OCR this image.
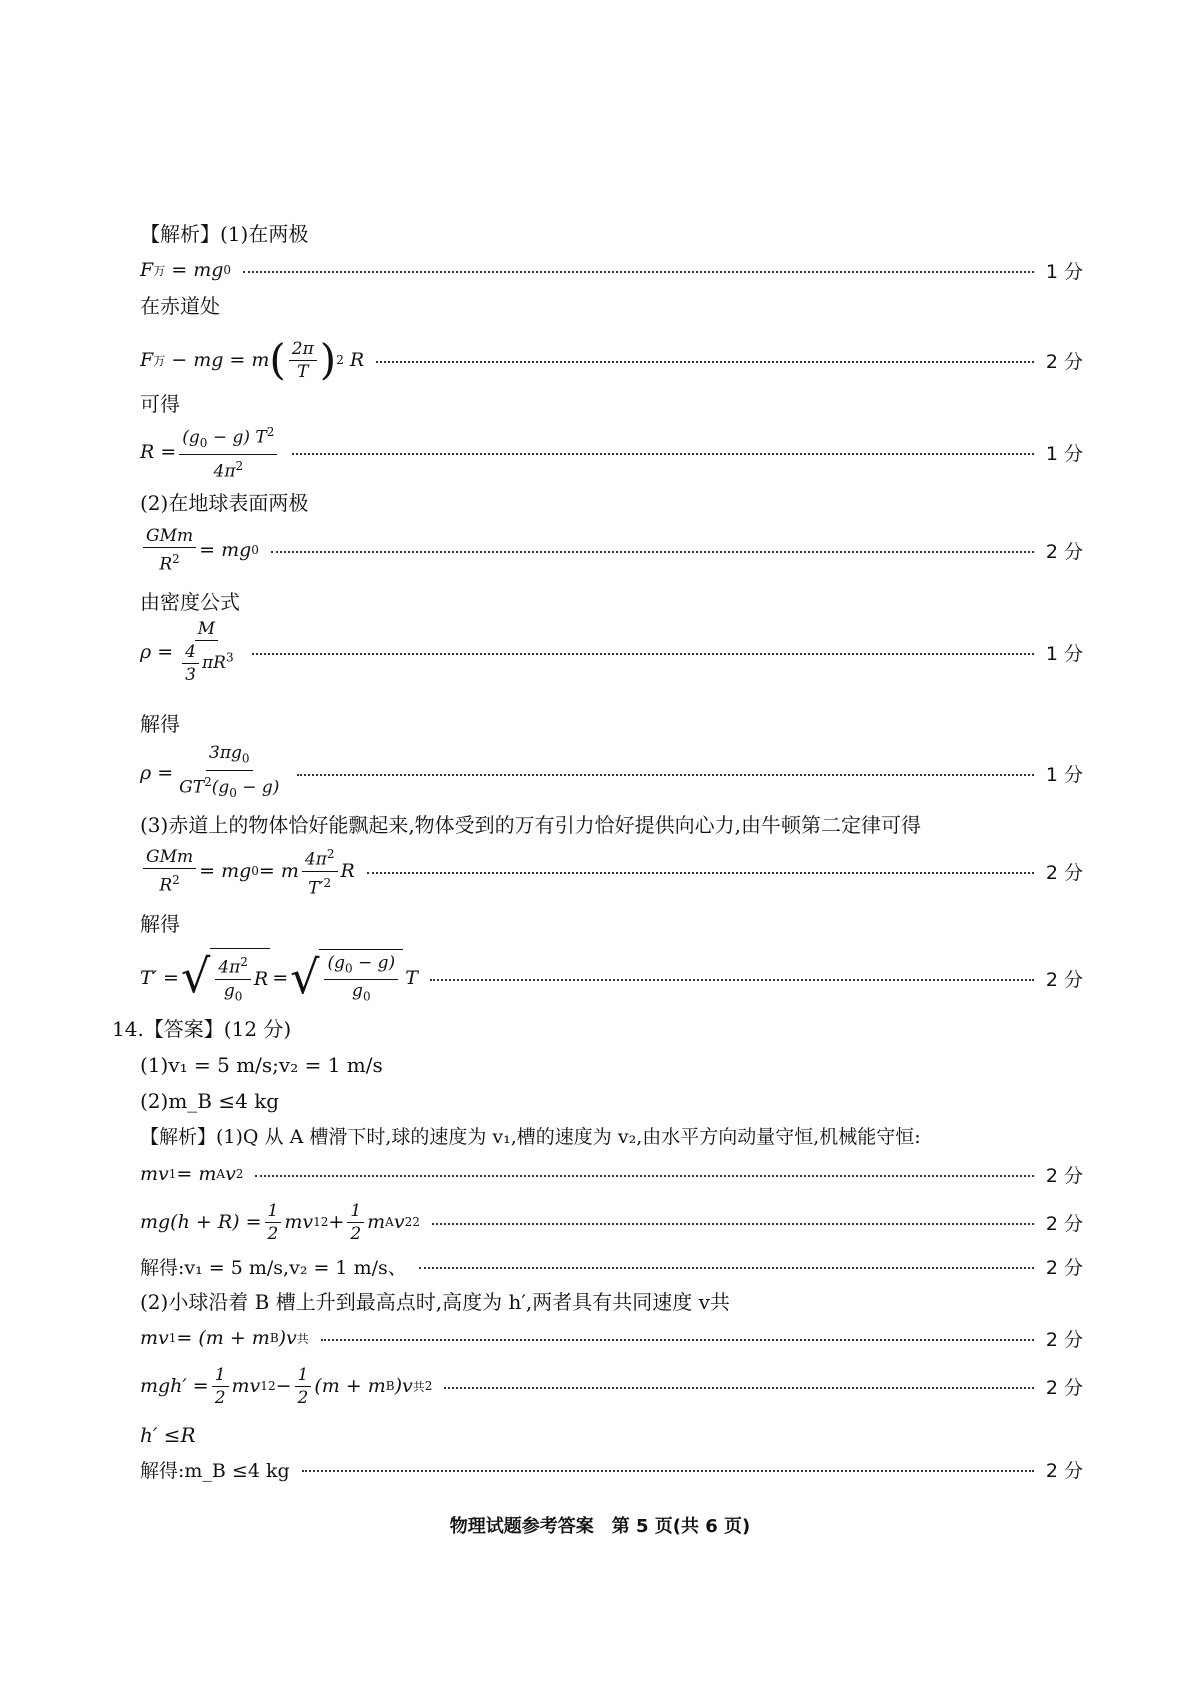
【解析】(1)在两极
F 万 = mg 0	1 分
在赤道处
F 万 − mg = m ( $\frac{2\pi}{T}$ ) 2 R	2 分
可得
$R = \frac{(g_0 - g) T^2}{4\pi^2}$	1 分
(2)在地球表面两极
$\frac{\text{GMm}}{R^2}$ = mg 0	2 分
由密度公式
$\rho = \frac{M}{\frac{4}{3} \pi R^3}$	1 分
解得
$\rho = \frac{3\pi g_0}{GT^2(g_0 - g)}$	1 分
(3)赤道上的物体恰好能飘起来,物体受到的万有引力恰好提供向心力,由牛顿第二定律可得
$\frac{\text{GMm}}{R^2}$ = mg 0 = m $\frac{4\pi^2}{T'^2}$ R	2 分
解得
T′ = √ $\frac{4\pi^2}{g_0}$ R = √ $\frac{(g_0 - g)}{g_0}$ T	2 分
14.【答案】(12 分)
(1)v₁ = 5 m/s;v₂ = 1 m/s
(2)m_B ≤4 kg
【解析】(1)Q 从 A 槽滑下时,球的速度为 v₁,槽的速度为 v₂,由水平方向动量守恒,机械能守恒:
mv 1 = m A v 2	2 分
$mg(h + R) = \frac{1}{2}$ mv 1 $2 + \frac{1}{2}$ m A v 2 2	2 分
解得:v₁ = 5 m/s,v₂ = 1 m/s、	2 分
(2)小球沿着 B 槽上升到最高点时,高度为 h′,两者具有共同速度 v共
mv 1 = (m + m B )v 共	2 分
$mgh' = \frac{1}{2}$ mv 1 $2 - \frac{1}{2} (m + m$ B )v 共 2	2 分
h′ ≤R
解得:m_B ≤4 kg	2 分
物理试题参考答案　第 5 页(共 6 页)
